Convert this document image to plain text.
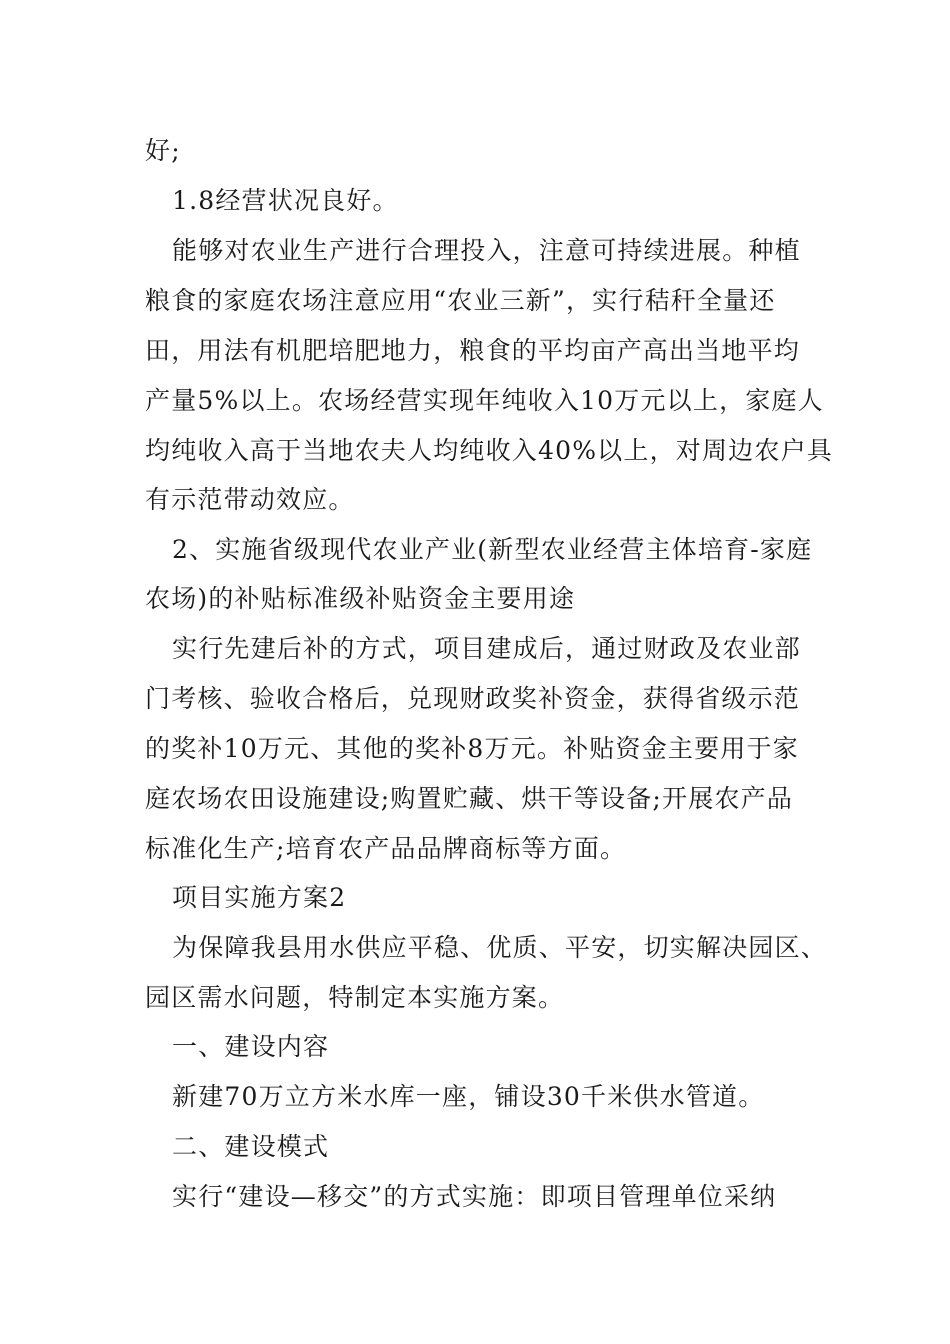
好;
1.8经营状况良好。
能够对农业生产进行合理投入，注意可持续进展。种植
粮食的家庭农场注意应用“农业三新”，实行秸秆全量还
田，用法有机肥培肥地力，粮食的平均亩产高出当地平均
产量5%以上。农场经营实现年纯收入10万元以上，家庭人
均纯收入高于当地农夫人均纯收入40%以上，对周边农户具
有示范带动效应。
2、实施省级现代农业产业(新型农业经营主体培育-家庭
农场)的补贴标准级补贴资金主要用途
实行先建后补的方式，项目建成后，通过财政及农业部
门考核、验收合格后，兑现财政奖补资金，获得省级示范
的奖补10万元、其他的奖补8万元。补贴资金主要用于家
庭农场农田设施建设;购置贮藏、烘干等设备;开展农产品
标准化生产;培育农产品品牌商标等方面。
项目实施方案2
为保障我县用水供应平稳、优质、平安，切实解决园区、
园区需水问题，特制定本实施方案。
一、建设内容
新建70万立方米水库一座，铺设30千米供水管道。
二、建设模式
实行“建设—移交”的方式实施：即项目管理单位采纳
